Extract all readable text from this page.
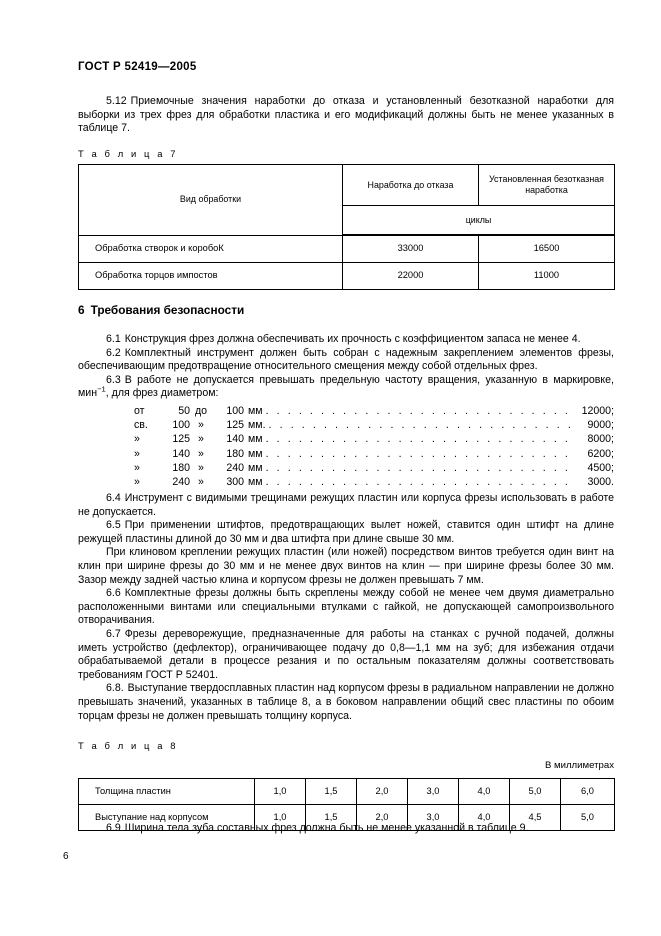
ГОСТ Р 52419—2005

5.12 Приемочные значения наработки до отказа и установленный безотказной наработки для выборки из трех фрез для обработки пластика и его модификаций должны быть не менее указанных в таблице 7.

Т а б л и ц а 7

Вид обработки	Наработка до отказа	Установленная безотказная наработка
	циклы	
Обработка створок и коробоК	33000	16500
Обработка торцов импостов	22000	11000

6 Требования безопасности

6.1 Конструкция фрез должна обеспечивать их прочность с коэффициентом запаса не менее 4.

6.2 Комплектный инструмент должен быть собран с надежным закреплением элементов фрезы, обеспечивающим предотвращение относительного смещения между собой отдельных фрез.

6.3 В работе не допускается превышать предельную частоту вращения, указанную в маркировке, мин$^{-1}$, для фрез диаметром:

от	50 до	100 мм . . . . . . . . . . . . . . . . . . . . . . . . . . . .	12000;
св.	100 »	125 мм. . . . . . . . . . . . . . . . . . . . . . . . . . . . .	9000;
»	125 »	140 мм . . . . . . . . . . . . . . . . . . . . . . . . . . . .	8000;
»	140 »	180 мм . . . . . . . . . . . . . . . . . . . . . . . . . . . .	6200;
»	180 »	240 мм . . . . . . . . . . . . . . . . . . . . . . . . . . . .	4500;
»	240 »	300 мм . . . . . . . . . . . . . . . . . . . . . . . . . . . .	3000.

6.4 Инструмент с видимыми трещинами режущих пластин или корпуса фрезы использовать в работе не допускается.

6.5 При применении штифтов, предотвращающих вылет ножей, ставится один штифт на длине режущей пластины длиной до 30 мм и два штифта при длине свыше 30 мм.

При клиновом креплении режущих пластин (или ножей) посредством винтов требуется один винт на клин при ширине фрезы до 30 мм и не менее двух винтов на клин — при ширине фрезы более 30 мм. Зазор между задней частью клина и корпусом фрезы не должен превышать 7 мм.

6.6 Комплектные фрезы должны быть скреплены между собой не менее чем двумя диаметрально расположенными винтами или специальными втулками с гайкой, не допускающей самопроизвольного отворачивания.

6.7 Фрезы дереворежущие, предназначенные для работы на станках с ручной подачей, должны иметь устройство (дефлектор), ограничивающее подачу до 0,8—1,1 мм на зуб; для избежания отдачи обрабатываемой детали в процессе резания и по остальным показателям должны соответствовать требованиям ГОСТ Р 52401.

6.8. Выступание твердосплавных пластин над корпусом фрезы в радиальном направлении не должно превышать значений, указанных в таблице 8, а в боковом направлении общий свес пластины по обоим торцам фрезы не должен превышать толщину корпуса.

Т а б л и ц а 8

В миллиметрах

Толщина пластин	1,0	1,5	2,0	3,0	4,0	5,0	6,0
Выступание над корпусом	1,0	1,5	2,0	3,0	4,0	4,5	5,0

6.9 Ширина тела зуба составных фрез должна быть не менее указанной в таблице 9.

6
